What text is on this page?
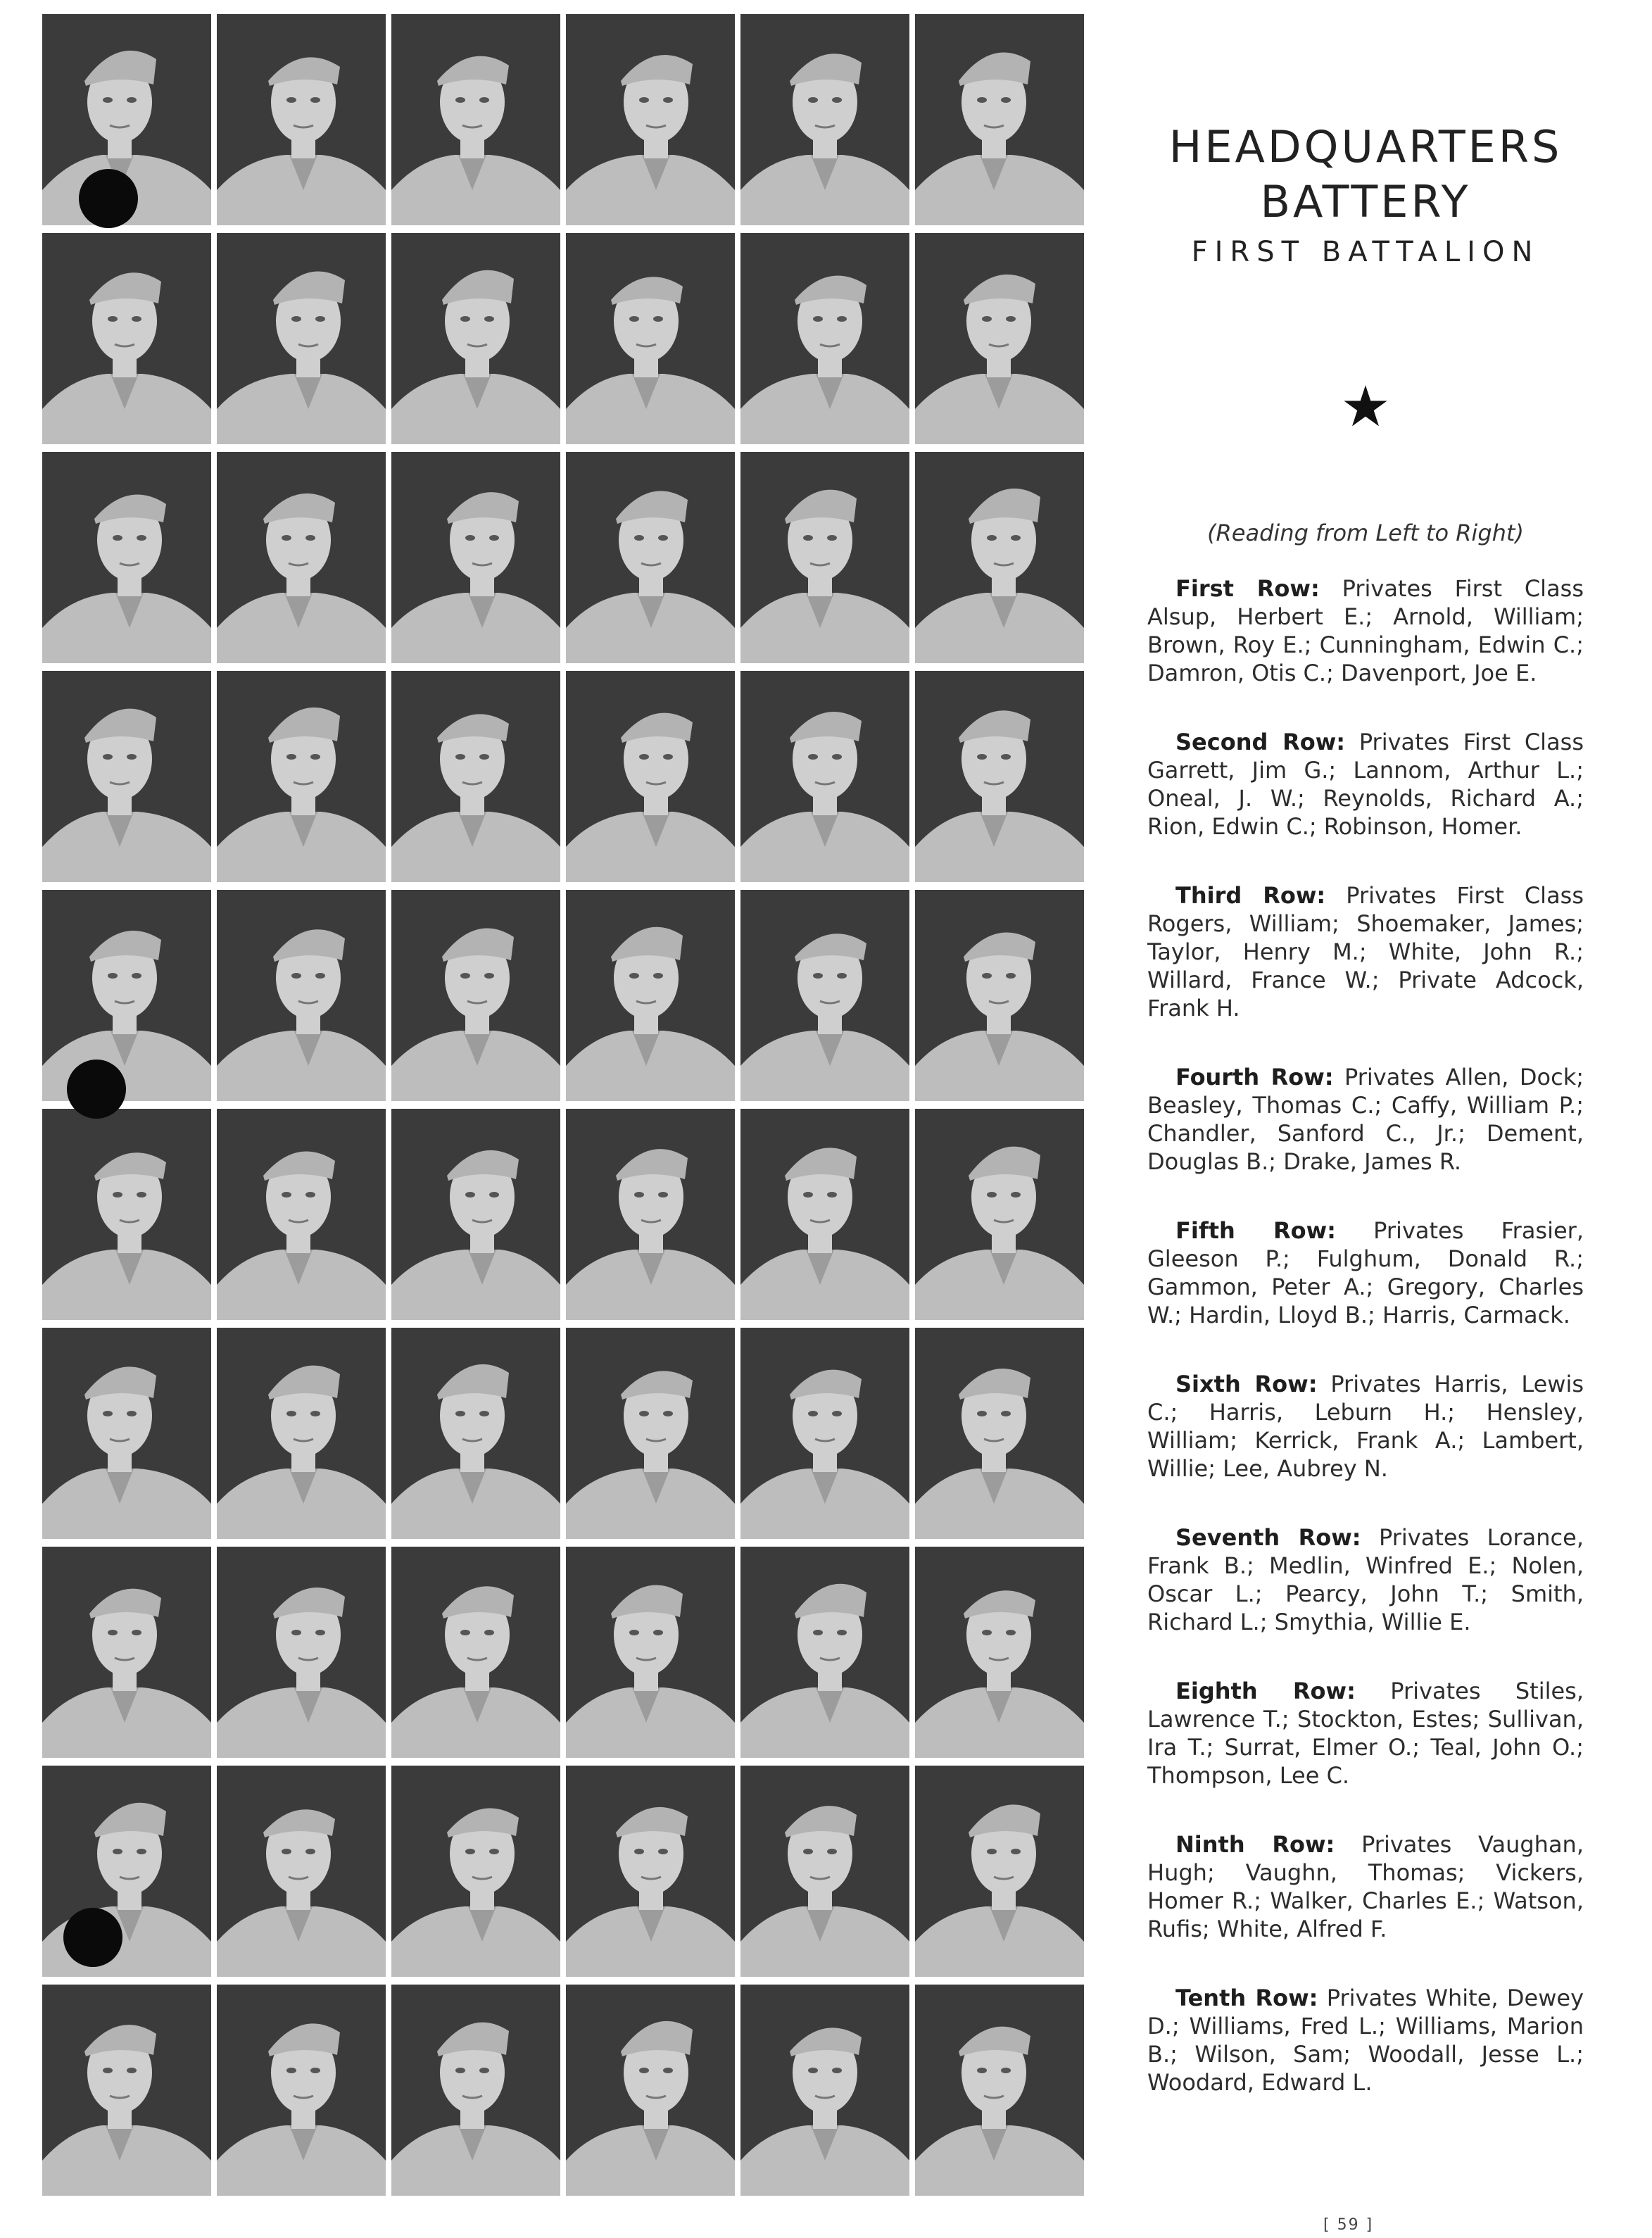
HEADQUARTERS
BATTERY
FIRST BATTALION
★
(Reading from Left to Right)

First Row: Privates First Class Alsup, Herbert E.; Arnold, William; Brown, Roy E.; Cunningham, Edwin C.; Damron, Otis C.; Davenport, Joe E.

Second Row: Privates First Class Garrett, Jim G.; Lannom, Arthur L.; Oneal, J. W.; Reynolds, Richard A.; Rion, Edwin C.; Robinson, Homer.

Third Row: Privates First Class Rogers, William; Shoemaker, James; Taylor, Henry M.; White, John R.; Willard, France W.; Private Adcock, Frank H.

Fourth Row: Privates Allen, Dock; Beasley, Thomas C.; Caffy, William P.; Chandler, Sanford C., Jr.; Dement, Douglas B.; Drake, James R.

Fifth Row: Privates Frasier, Gleeson P.; Fulghum, Donald R.; Gammon, Peter A.; Gregory, Charles W.; Hardin, Lloyd B.; Harris, Carmack.

Sixth Row: Privates Harris, Lewis C.; Harris, Leburn H.; Hensley, William; Kerrick, Frank A.; Lambert, Willie; Lee, Aubrey N.

Seventh Row: Privates Lorance, Frank B.; Medlin, Winfred E.; Nolen, Oscar L.; Pearcy, John T.; Smith, Richard L.; Smythia, Willie E.

Eighth Row: Privates Stiles, Lawrence T.; Stockton, Estes; Sullivan, Ira T.; Surrat, Elmer O.; Teal, John O.; Thompson, Lee C.

Ninth Row: Privates Vaughan, Hugh; Vaughn, Thomas; Vickers, Homer R.; Walker, Charles E.; Watson, Rufis; White, Alfred F.

Tenth Row: Privates White, Dewey D.; Williams, Fred L.; Williams, Marion B.; Wilson, Sam; Woodall, Jesse L.; Woodard, Edward L.

[ 59 ]
